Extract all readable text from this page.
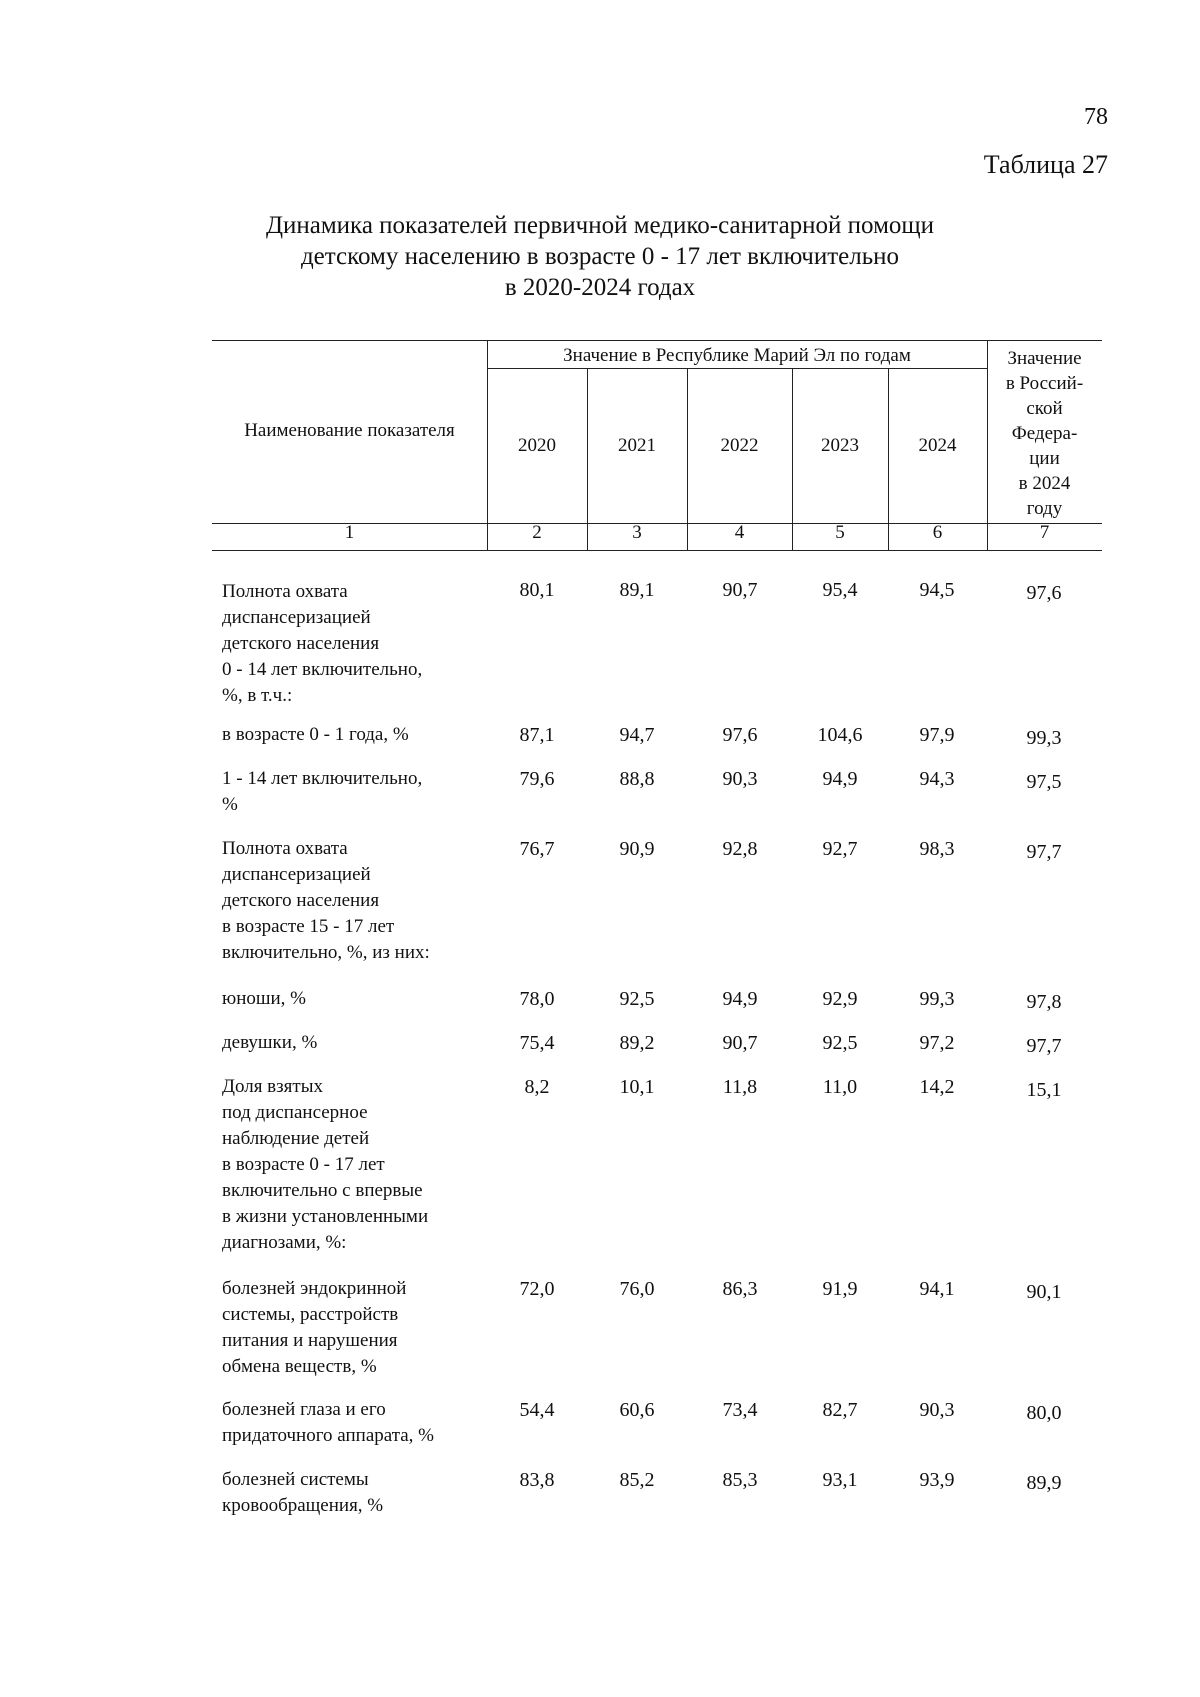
78
Таблица 27
Динамика показателей первичной медико-санитарной помощи
детскому населению в возрасте 0 - 17 лет включительно
в 2020-2024 годах
Наименование показателя
Значение в Республике Марий Эл по годам
2020	2021	2022	2023	2024
Значение
в Россий-
ской
Федера-
ции
в 2024
году
1	2	3	4	5	6	7
Полнота охвата
диспансеризацией
детского населения
0 - 14 лет включительно,
%, в т.ч.:
80,1	89,1	90,7	95,4	94,5	97,6
в возрасте 0 - 1 года, %	87,1	94,7	97,6	104,6	97,9	99,3
1 - 14 лет включительно,
%
79,6	88,8	90,3	94,9	94,3	97,5
Полнота охвата
диспансеризацией
детского населения
в возрасте 15 - 17 лет
включительно, %, из них:
76,7	90,9	92,8	92,7	98,3	97,7
юноши, %	78,0	92,5	94,9	92,9	99,3	97,8
девушки, %	75,4	89,2	90,7	92,5	97,2	97,7
Доля взятых
под диспансерное
наблюдение детей
в возрасте 0 - 17 лет
включительно с впервые
в жизни установленными
диагнозами, %:
8,2	10,1	11,8	11,0	14,2	15,1
болезней эндокринной
системы, расстройств
питания и нарушения
обмена веществ, %
72,0	76,0	86,3	91,9	94,1	90,1
болезней глаза и его
придаточного аппарата, %
54,4	60,6	73,4	82,7	90,3	80,0
болезней системы
кровообращения, %
83,8	85,2	85,3	93,1	93,9	89,9
